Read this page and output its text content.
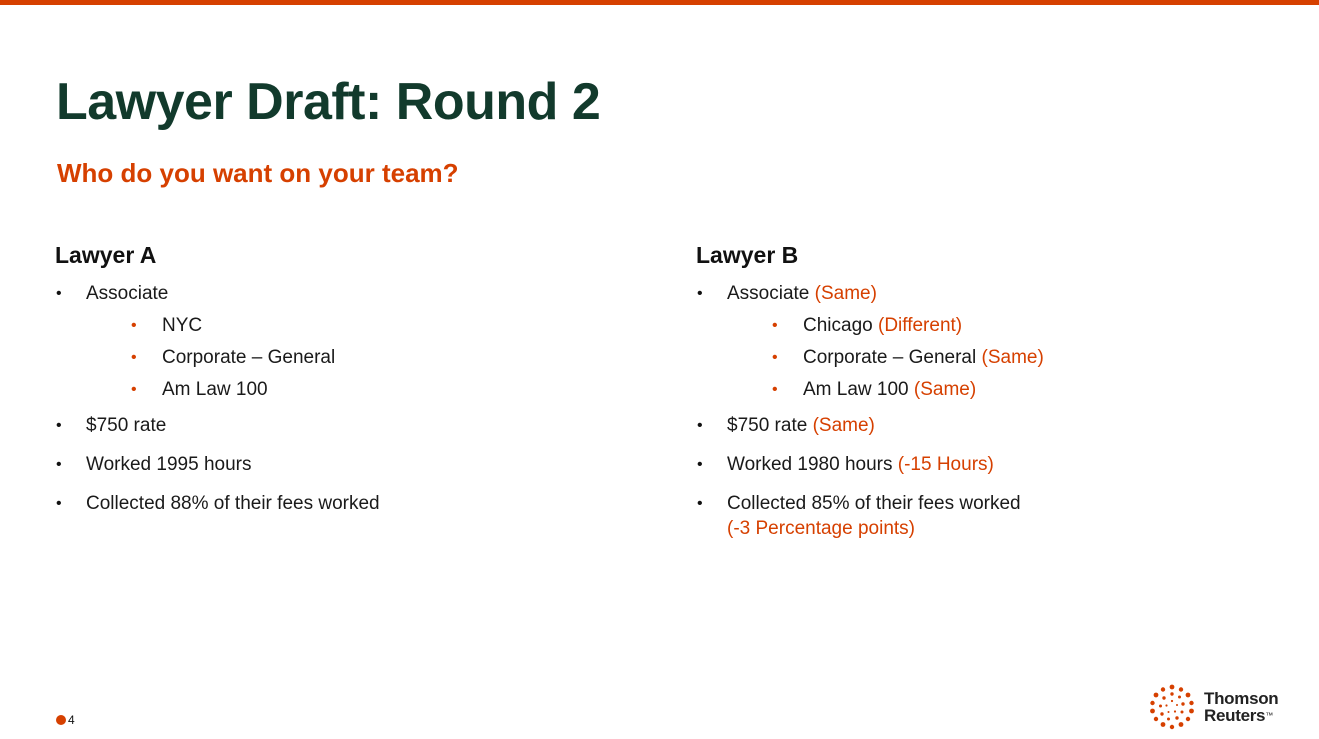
Lawyer Draft: Round 2
Who do you want on your team?
Lawyer A
• Associate
• NYC
• Corporate – General
• Am Law 100
• $750 rate
• Worked 1995 hours
• Collected 88% of their fees worked
Lawyer B
• Associate (Same)
• Chicago (Different)
• Corporate – General (Same)
• Am Law 100 (Same)
• $750 rate (Same)
• Worked 1980 hours (-15 Hours)
• Collected 85% of their fees worked
(-3 Percentage points)
4
Thomson
Reuters™
